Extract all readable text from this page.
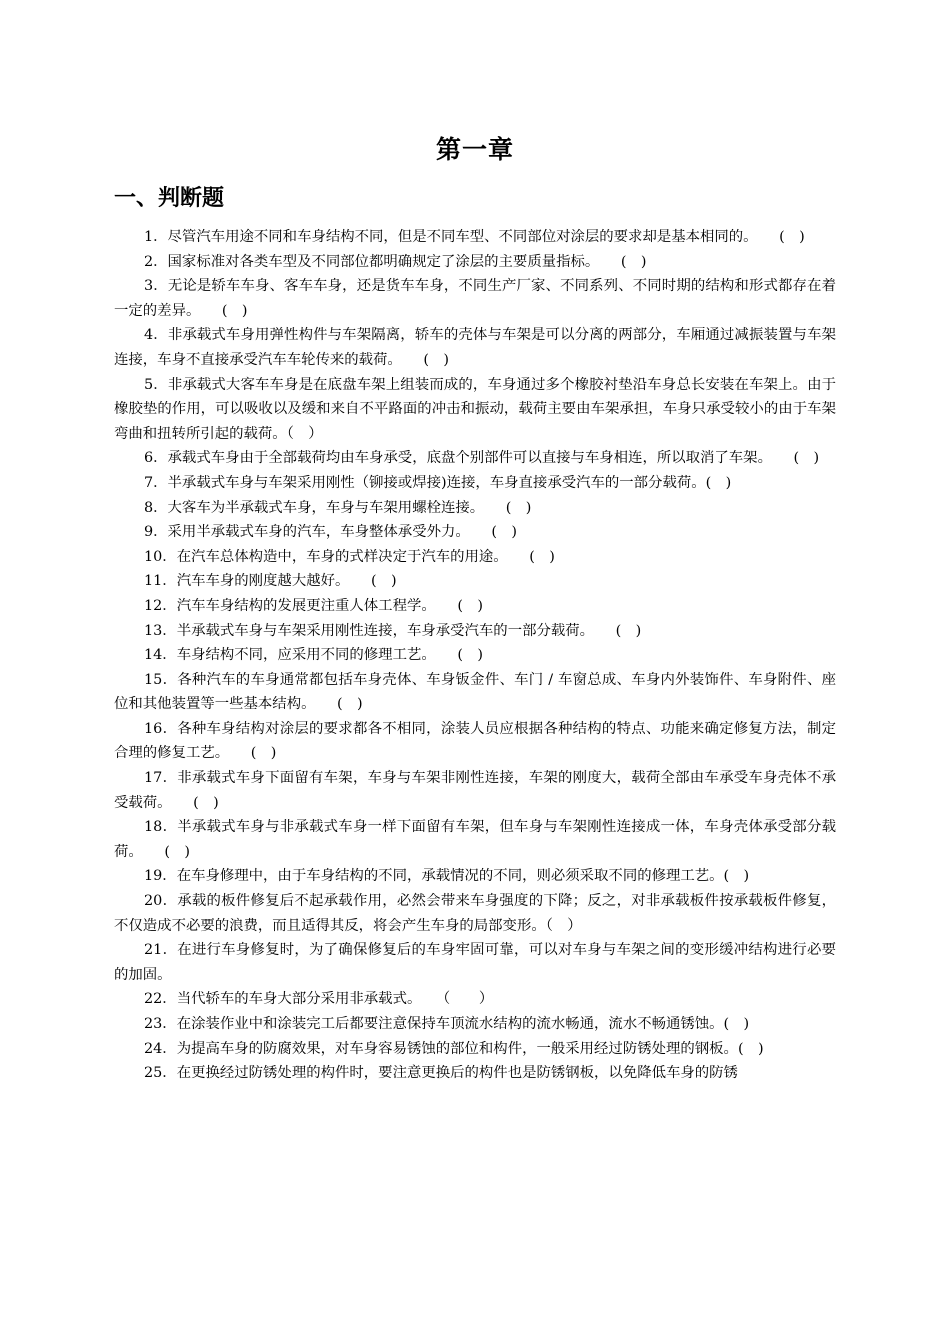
第一章
一、判断题
1．尽管汽车用途不同和车身结构不同，但是不同车型、不同部位对涂层的要求却是基本相同的。　　(　)
2．国家标准对各类车型及不同部位都明确规定了涂层的主要质量指标。　　(　)
3．无论是轿车车身、客车车身，还是货车车身，不同生产厂家、不同系列、不同时期的结构和形式都存在着一定的差异。　　(　)
4．非承载式车身用弹性构件与车架隔离，轿车的壳体与车架是可以分离的两部分，车厢通过减振装置与车架连接，车身不直接承受汽车车轮传来的载荷。　　(　)
5．非承载式大客车车身是在底盘车架上组装而成的，车身通过多个橡胶衬垫沿车身总长安装在车架上。由于橡胶垫的作用，可以吸收以及缓和来自不平路面的冲击和振动，载荷主要由车架承担，车身只承受较小的由于车架弯曲和扭转所引起的载荷。（　）
6．承载式车身由于全部载荷均由车身承受，底盘个别部件可以直接与车身相连，所以取消了车架。　　(　)
7．半承载式车身与车架采用刚性（铆接或焊接)连接，车身直接承受汽车的一部分载荷。(　)
8．大客车为半承载式车身，车身与车架用螺栓连接。　　(　)
9．采用半承载式车身的汽车，车身整体承受外力。　　(　)
10．在汽车总体构造中，车身的式样决定于汽车的用途。　　(　)
11．汽车车身的刚度越大越好。　　(　)
12．汽车车身结构的发展更注重人体工程学。　　(　)
13．半承载式车身与车架采用刚性连接，车身承受汽车的一部分载荷。　　(　)
14．车身结构不同，应采用不同的修理工艺。　　(　)
15．各种汽车的车身通常都包括车身壳体、车身钣金件、车门 / 车窗总成、车身内外装饰件、车身附件、座位和其他装置等一些基本结构。　　(　)
16．各种车身结构对涂层的要求都各不相同，涂装人员应根据各种结构的特点、功能来确定修复方法，制定合理的修复工艺。　　(　)
17．非承载式车身下面留有车架，车身与车架非刚性连接，车架的刚度大，载荷全部由车承受车身壳体不承受载荷。　　(　)
18．半承载式车身与非承载式车身一样下面留有车架，但车身与车架刚性连接成一体，车身壳体承受部分载荷。　　(　)
19．在车身修理中，由于车身结构的不同，承载情况的不同，则必须采取不同的修理工艺。(　)
20．承载的板件修复后不起承载作用，必然会带来车身强度的下降；反之，对非承载板件按承载板件修复，不仅造成不必要的浪费，而且适得其反，将会产生车身的局部变形。（　）
21．在进行车身修复时，为了确保修复后的车身牢固可靠，可以对车身与车架之间的变形缓冲结构进行必要的加固。
22．当代轿车的车身大部分采用非承载式。　　（　　）
23．在涂装作业中和涂装完工后都要注意保持车顶流水结构的流水畅通，流水不畅通锈蚀。(　)
24．为提高车身的防腐效果，对车身容易锈蚀的部位和构件，一般采用经过防锈处理的钢板。(　)
25．在更换经过防锈处理的构件时，要注意更换后的构件也是防锈钢板，以免降低车身的防锈
